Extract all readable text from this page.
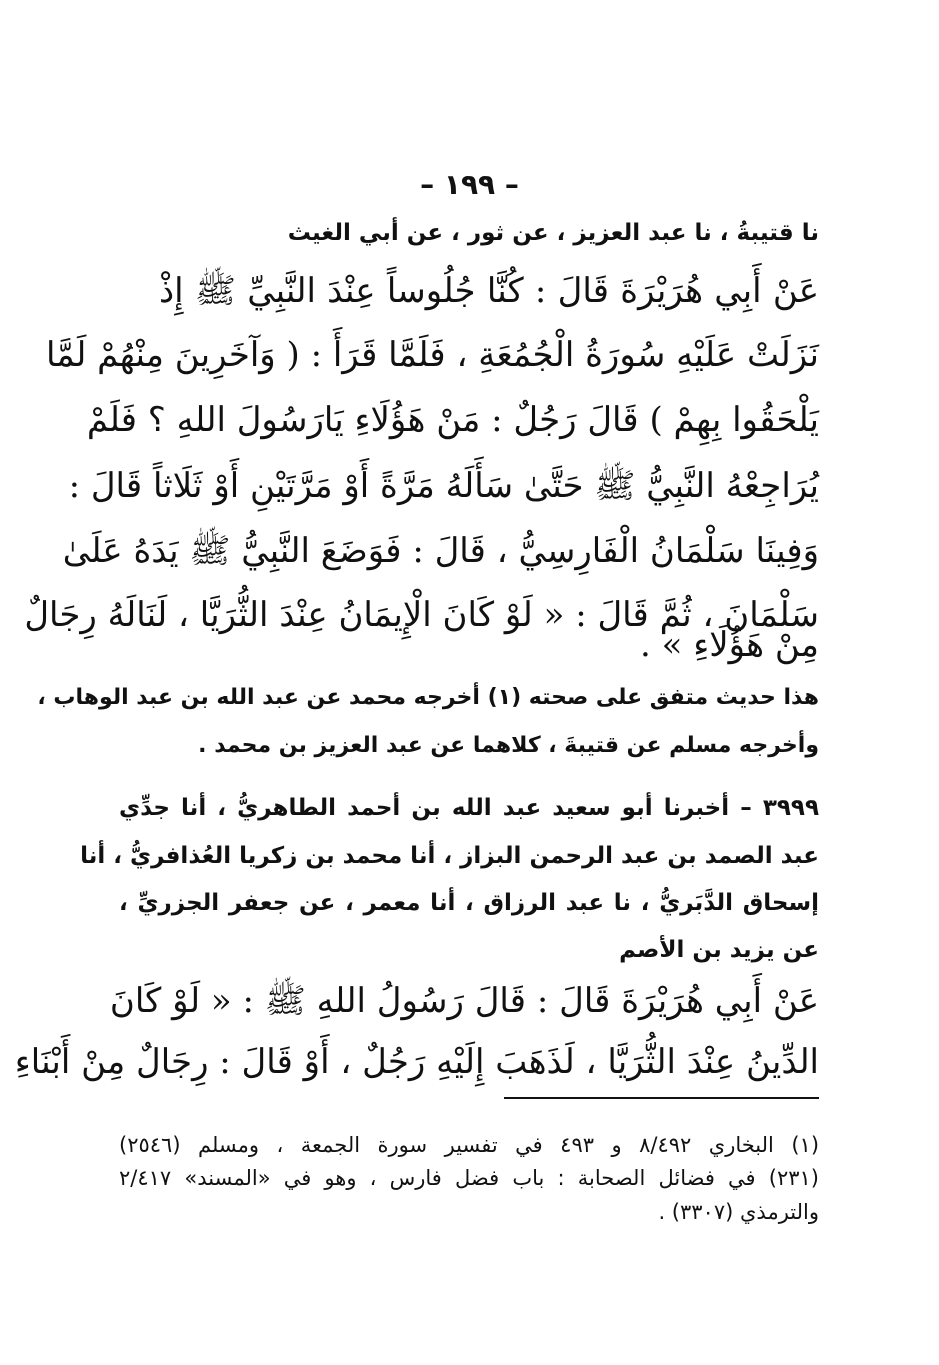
– ١٩٩ –
نا قتيبةُ ، نا عبد العزيز ، عن ثور ، عن أبي الغيث
عَنْ أَبِي هُرَيْرَةَ قَالَ : كُنَّا جُلُوساً عِنْدَ النَّبِيِّ ﷺ إِذْ
نَزَلَتْ عَلَيْهِ سُورَةُ الْجُمُعَةِ ، فَلَمَّا قَرَأَ : ( وَآخَرِينَ مِنْهُمْ لَمَّا
يَلْحَقُوا بِهِمْ ) قَالَ رَجُلٌ : مَنْ هَؤُلَاءِ يَارَسُولَ اللهِ ؟ فَلَمْ
يُرَاجِعْهُ النَّبِيُّ ﷺ حَتَّىٰ سَأَلَهُ مَرَّةً أَوْ مَرَّتَيْنِ أَوْ ثَلَاثاً قَالَ :
وَفِينَا سَلْمَانُ الْفَارِسِيُّ ، قَالَ : فَوَضَعَ النَّبِيُّ ﷺ يَدَهُ عَلَىٰ
سَلْمَانَ ، ثُمَّ قَالَ : « لَوْ كَانَ الْإِيمَانُ عِنْدَ الثُّرَيَّا ، لَنَالَهُ رِجَالٌ
مِنْ هَؤُلَاءِ » .
هذا حديث متفق على صحته (١) أخرجه محمد عن عبد الله بن عبد الوهاب ،
وأخرجه مسلم عن قتيبةَ ، كلاهما عن عبد العزيز بن محمد .
٣٩٩٩ – أخبرنا أبو سعيد عبد الله بن أحمد الطاهريُّ ، أنا جدِّي
عبد الصمد بن عبد الرحمن البزاز ، أنا محمد بن زكريا العُذافريُّ ، أنا
إسحاق الدَّبَريُّ ، نا عبد الرزاق ، أنا معمر ، عن جعفر الجزريِّ ،
عن يزيد بن الأصم
عَنْ أَبِي هُرَيْرَةَ قَالَ : قَالَ رَسُولُ اللهِ ﷺ : « لَوْ كَانَ
الدِّينُ عِنْدَ الثُّرَيَّا ، لَذَهَبَ إِلَيْهِ رَجُلٌ ، أَوْ قَالَ : رِجَالٌ مِنْ أَبْنَاءِ
(١) البخاري ٨/٤٩٢ و ٤٩٣ في تفسير سورة الجمعة ، ومسلم (٢٥٤٦)
(٢٣١) في فضائل الصحابة : باب فضل فارس ، وهو في «المسند» ٢/٤١٧
والترمذي (٣٣٠٧) .
